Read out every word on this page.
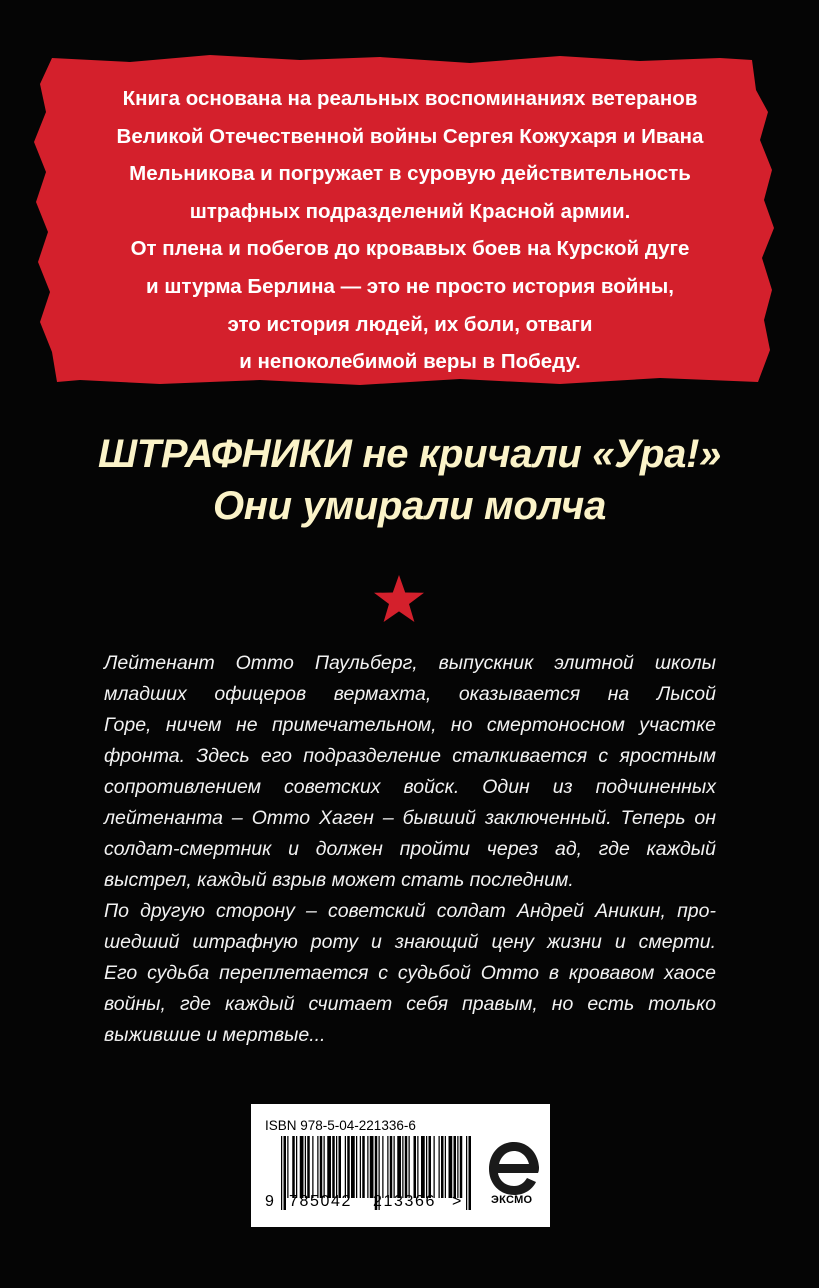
Книга основана на реальных воспоминаниях ветеранов
Великой Отечественной войны Сергея Кожухаря и Ивана
Мельникова и погружает в суровую действительность
штрафных подразделений Красной армии.
От плена и побегов до кровавых боев на Курской дуге
и штурма Берлина — это не просто история войны,
это история людей, их боли, отваги
и непоколебимой веры в Победу.
ШТРАФНИКИ не кричали «Ура!»
Они умирали молча
Лейтенант Отто Паульберг, выпускник элитной школы
младших офицеров вермахта, оказывается на Лысой
Горе, ничем не примечательном, но смертоносном участке
фронта. Здесь его подразделение сталкивается с яростным
сопротивлением советских войск. Один из подчиненных
лейтенанта – Отто Хаген – бывший заключенный. Теперь он
солдат-смертник и должен пройти через ад, где каждый
выстрел, каждый взрыв может стать последним.
По другую сторону – советский солдат Андрей Аникин, про-
шедший штрафную роту и знающий цену жизни и смерти.
Его судьба переплетается с судьбой Отто в кровавом хаосе
войны, где каждый считает себя правым, но есть только
выжившие и мертвые...
ISBN 978-5-04-221336-6
9 785042 213366 >	ЭКСМО
